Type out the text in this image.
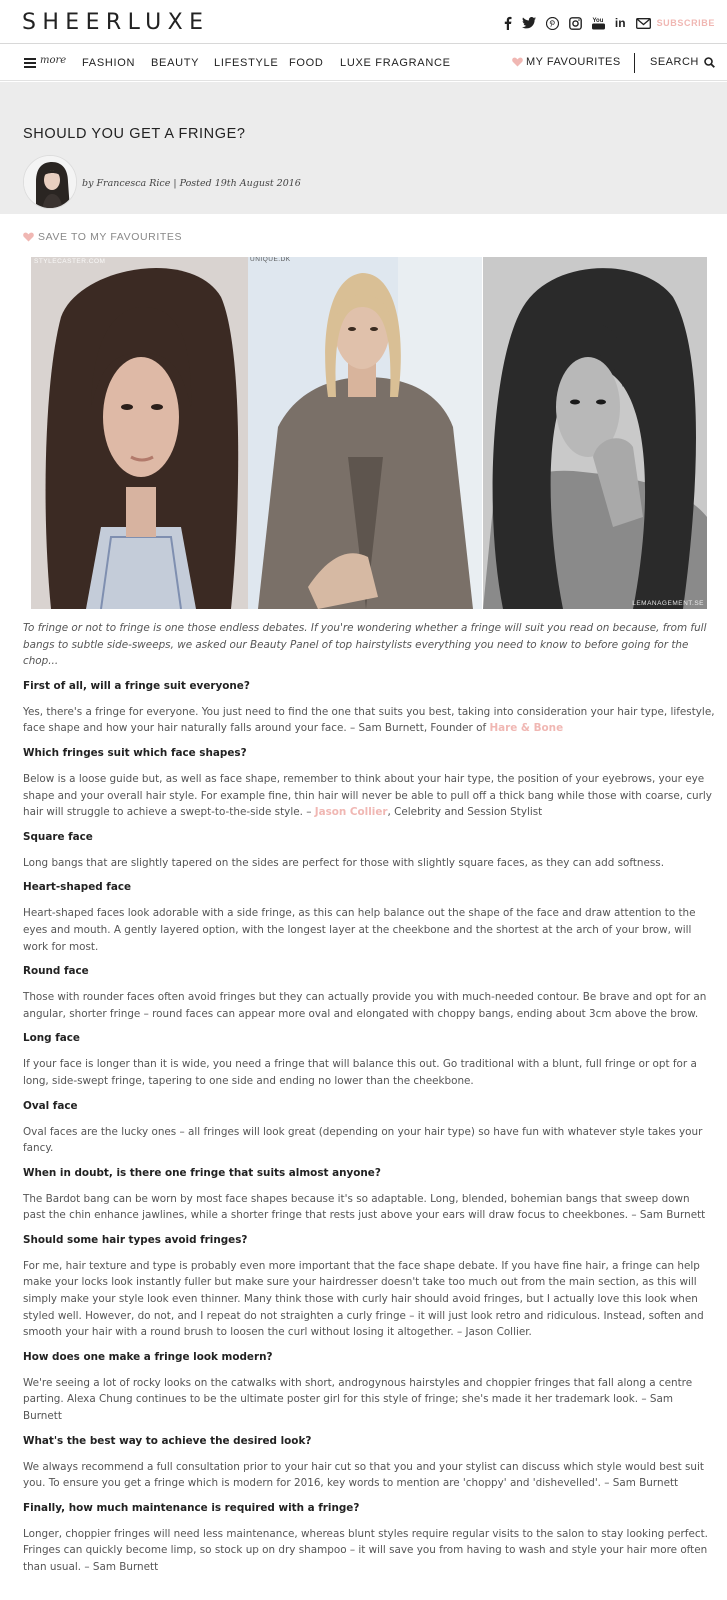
SHEERLUXE	You in	SUBSCRIBE
more FASHION BEAUTY LIFESTYLE FOOD LUXE FRAGRANCE	MY FAVOURITES	SEARCH
SHOULD YOU GET A FRINGE?
by Francesca Rice | Posted 19th August 2016
SAVE TO MY FAVOURITES
STYLECASTER.COM	UNIQUE.DK
LEMANAGEMENT.SE

To fringe or not to fringe is one those endless debates. If you're wondering whether a fringe will suit you read on because, from full bangs to subtle side-sweeps, we asked our Beauty Panel of top hairstylists everything you need to know to before going for the chop...

First of all, will a fringe suit everyone?

Yes, there's a fringe for everyone. You just need to find the one that suits you best, taking into consideration your hair type, lifestyle, face shape and how your hair naturally falls around your face. – Sam Burnett, Founder of Hare & Bone

Which fringes suit which face shapes?

Below is a loose guide but, as well as face shape, remember to think about your hair type, the position of your eyebrows, your eye shape and your overall hair style. For example fine, thin hair will never be able to pull off a thick bang while those with coarse, curly hair will struggle to achieve a swept-to-the-side style. – Jason Collier, Celebrity and Session Stylist

Square face

Long bangs that are slightly tapered on the sides are perfect for those with slightly square faces, as they can add softness.

Heart-shaped face

Heart-shaped faces look adorable with a side fringe, as this can help balance out the shape of the face and draw attention to the eyes and mouth. A gently layered option, with the longest layer at the cheekbone and the shortest at the arch of your brow, will work for most.

Round face

Those with rounder faces often avoid fringes but they can actually provide you with much-needed contour. Be brave and opt for an angular, shorter fringe – round faces can appear more oval and elongated with choppy bangs, ending about 3cm above the brow.

Long face

If your face is longer than it is wide, you need a fringe that will balance this out. Go traditional with a blunt, full fringe or opt for a long, side-swept fringe, tapering to one side and ending no lower than the cheekbone.

Oval face

Oval faces are the lucky ones – all fringes will look great (depending on your hair type) so have fun with whatever style takes your fancy.

When in doubt, is there one fringe that suits almost anyone?

The Bardot bang can be worn by most face shapes because it's so adaptable. Long, blended, bohemian bangs that sweep down past the chin enhance jawlines, while a shorter fringe that rests just above your ears will draw focus to cheekbones. – Sam Burnett

Should some hair types avoid fringes?

For me, hair texture and type is probably even more important that the face shape debate. If you have fine hair, a fringe can help make your locks look instantly fuller but make sure your hairdresser doesn't take too much out from the main section, as this will simply make your style look even thinner. Many think those with curly hair should avoid fringes, but I actually love this look when styled well. However, do not, and I repeat do not straighten a curly fringe – it will just look retro and ridiculous. Instead, soften and smooth your hair with a round brush to loosen the curl without losing it altogether. – Jason Collier.

How does one make a fringe look modern?

We're seeing a lot of rocky looks on the catwalks with short, androgynous hairstyles and choppier fringes that fall along a centre parting. Alexa Chung continues to be the ultimate poster girl for this style of fringe; she's made it her trademark look. – Sam Burnett

What's the best way to achieve the desired look?

We always recommend a full consultation prior to your hair cut so that you and your stylist can discuss which style would best suit you. To ensure you get a fringe which is modern for 2016, key words to mention are 'choppy' and 'dishevelled'. – Sam Burnett

Finally, how much maintenance is required with a fringe?

Longer, choppier fringes will need less maintenance, whereas blunt styles require regular visits to the salon to stay looking perfect. Fringes can quickly become limp, so stock up on dry shampoo – it will save you from having to wash and style your hair more often than usual. – Sam Burnett
